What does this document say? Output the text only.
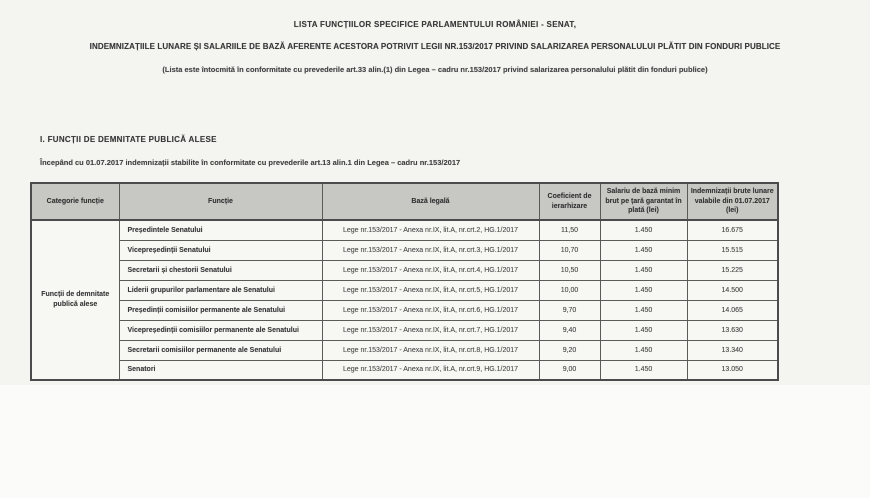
LISTA FUNCȚIILOR SPECIFICE PARLAMENTULUI ROMÂNIEI - SENAT,
INDEMNIZAȚIILE LUNARE ȘI SALARIILE DE BAZĂ AFERENTE ACESTORA POTRIVIT LEGII NR.153/2017 PRIVIND SALARIZAREA PERSONALULUI PLĂTIT DIN FONDURI PUBLICE
(Lista este întocmită în conformitate cu prevederile art.33 alin.(1) din Legea – cadru nr.153/2017 privind salarizarea personalului plătit din fonduri publice)
I. FUNCȚII DE DEMNITATE PUBLICĂ ALESE
Începând cu 01.07.2017 indemnizații stabilite în conformitate cu prevederile art.13 alin.1 din Legea – cadru nr.153/2017
Categorie funcție	Funcție	Bază legală	Coeficient de ierarhizare	Salariu de bază minim brut pe țară garantat în plată (lei)	Indemnizații brute lunare valabile din 01.07.2017 (lei)
Funcții de demnitate publică alese	Președintele Senatului	Lege nr.153/2017 - Anexa nr.IX, lit.A, nr.crt.2, HG.1/2017	11,50	1.450	16.675
	Vicepreședinții Senatului	Lege nr.153/2017 - Anexa nr.IX, lit.A, nr.crt.3, HG.1/2017	10,70	1.450	15.515
	Secretarii și chestorii Senatului	Lege nr.153/2017 - Anexa nr.IX, lit.A, nr.crt.4, HG.1/2017	10,50	1.450	15.225
	Liderii grupurilor parlamentare ale Senatului	Lege nr.153/2017 - Anexa nr.IX, lit.A, nr.crt.5, HG.1/2017	10,00	1.450	14.500
	Președinții comisiilor permanente ale Senatului	Lege nr.153/2017 - Anexa nr.IX, lit.A, nr.crt.6, HG.1/2017	9,70	1.450	14.065
	Vicepreședinții comisiilor permanente ale Senatului	Lege nr.153/2017 - Anexa nr.IX, lit.A, nr.crt.7, HG.1/2017	9,40	1.450	13.630
	Secretarii comisiilor permanente ale Senatului	Lege nr.153/2017 - Anexa nr.IX, lit.A, nr.crt.8, HG.1/2017	9,20	1.450	13.340
	Senatori	Lege nr.153/2017 - Anexa nr.IX, lit.A, nr.crt.9, HG.1/2017	9,00	1.450	13.050
